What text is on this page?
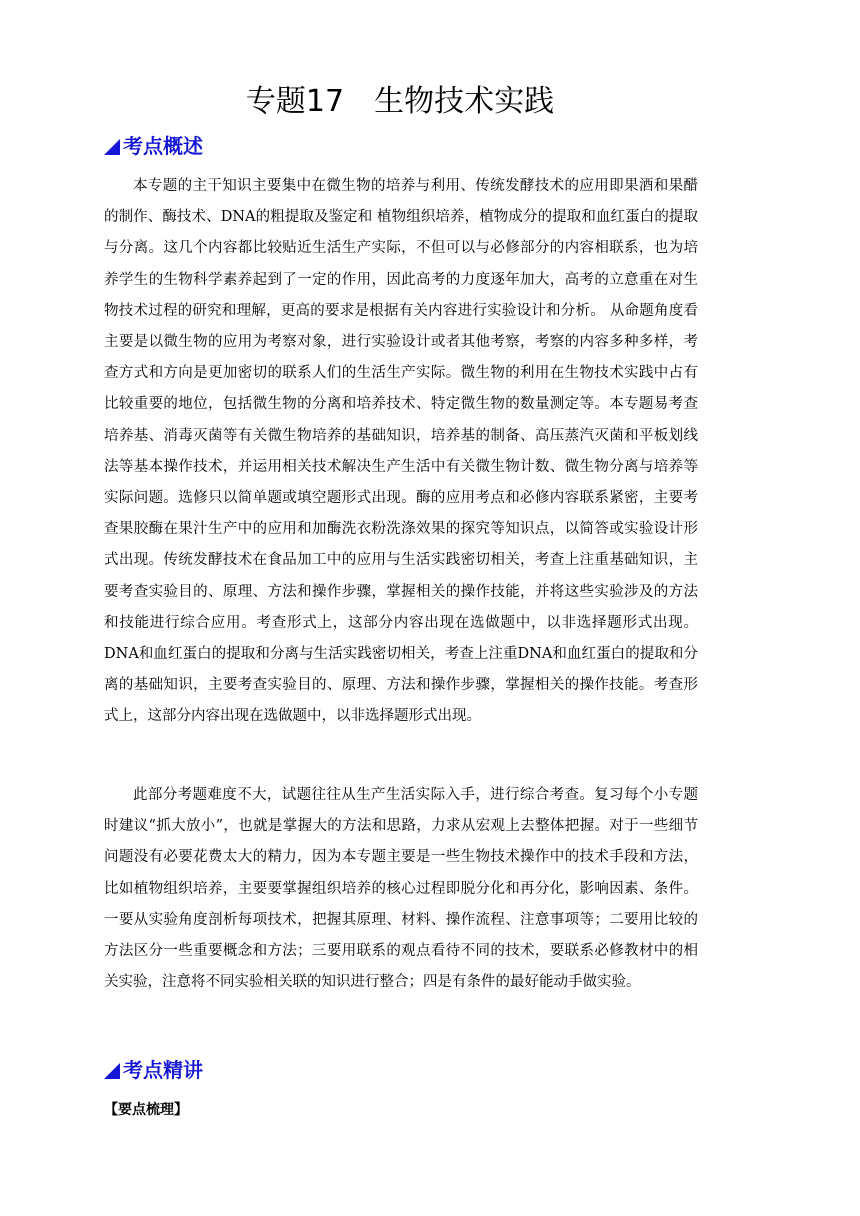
专题17　生物技术实践
考点概述

本专题的主干知识主要集中在微生物的培养与利用、传统发酵技术的应用即果酒和果醋的制作、酶技术、DNA的粗提取及鉴定和 植物组织培养，植物成分的提取和血红蛋白的提取与分离。这几个内容都比较贴近生活生产实际，不但可以与必修部分的内容相联系，也为培养学生的生物科学素养起到了一定的作用，因此高考的力度逐年加大，高考的立意重在对生物技术过程的研究和理解，更高的要求是根据有关内容进行实验设计和分析。 从命题角度看主要是以微生物的应用为考察对象，进行实验设计或者其他考察，考察的内容多种多样，考查方式和方向是更加密切的联系人们的生活生产实际。微生物的利用在生物技术实践中占有比较重要的地位，包括微生物的分离和培养技术、特定微生物的数量测定等。本专题易考查培养基、消毒灭菌等有关微生物培养的基础知识，培养基的制备、高压蒸汽灭菌和平板划线法等基本操作技术，并运用相关技术解决生产生活中有关微生物计数、微生物分离与培养等实际问题。选修只以简单题或填空题形式出现。酶的应用考点和必修内容联系紧密，主要考查果胶酶在果汁生产中的应用和加酶洗衣粉洗涤效果的探究等知识点，以简答或实验设计形式出现。传统发酵技术在食品加工中的应用与生活实践密切相关，考查上注重基础知识，主要考查实验目的、原理、方法和操作步骤，掌握相关的操作技能，并将这些实验涉及的方法和技能进行综合应用。考查形式上，这部分内容出现在选做题中，以非选择题形式出现。 DNA和血红蛋白的提取和分离与生活实践密切相关，考查上注重DNA和血红蛋白的提取和分离的基础知识，主要考查实验目的、原理、方法和操作步骤，掌握相关的操作技能。考查形式上，这部分内容出现在选做题中，以非选择题形式出现。

此部分考题难度不大，试题往往从生产生活实际入手，进行综合考查。复习每个小专题时建议“抓大放小”，也就是掌握大的方法和思路，力求从宏观上去整体把握。对于一些细节问题没有必要花费太大的精力，因为本专题主要是一些生物技术操作中的技术手段和方法，比如植物组织培养，主要要掌握组织培养的核心过程即脱分化和再分化，影响因素、条件。一要从实验角度剖析每项技术，把握其原理、材料、操作流程、注意事项等；二要用比较的方法区分一些重要概念和方法；三要用联系的观点看待不同的技术，要联系必修教材中的相关实验，注意将不同实验相关联的知识进行整合；四是有条件的最好能动手做实验。

考点精讲

【要点梳理】
